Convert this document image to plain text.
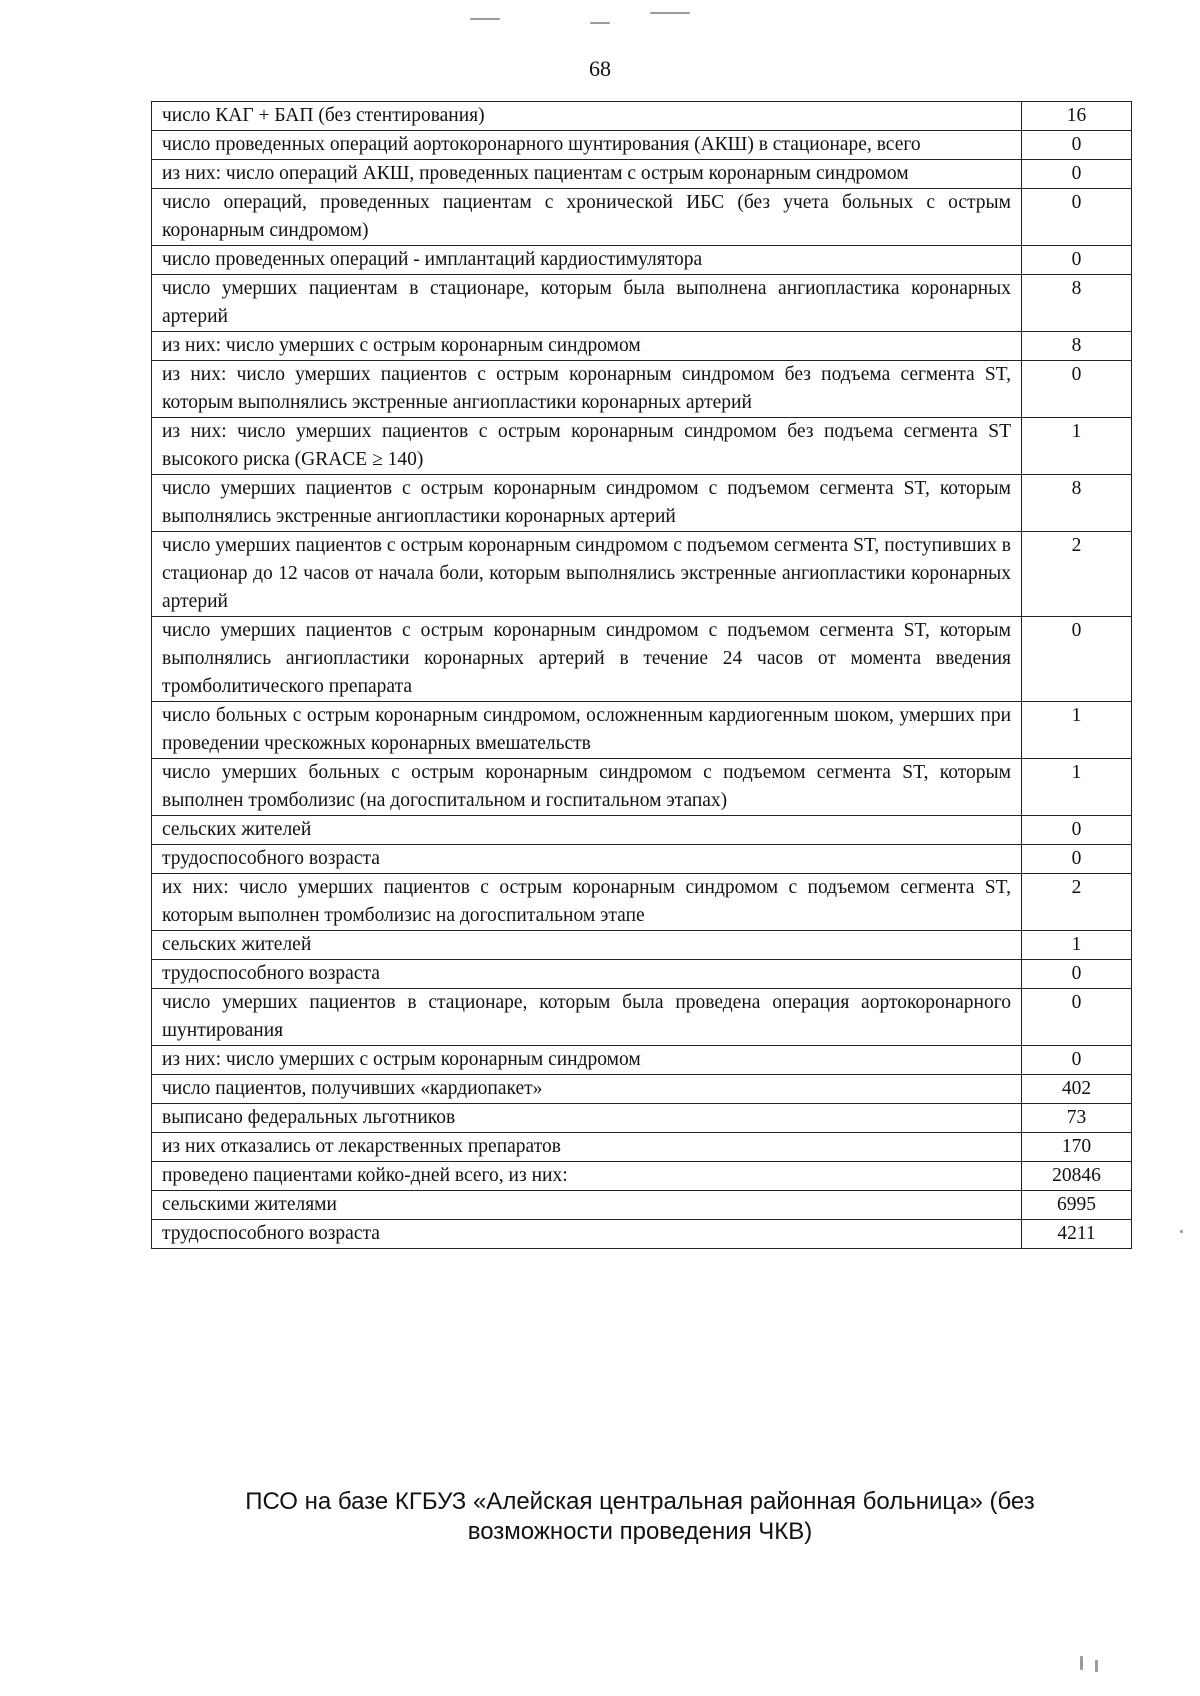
68
число КАГ + БАП (без стентирования)	16
число проведенных операций аортокоронарного шунтирования (АКШ) в стационаре, всего	0
из них: число операций АКШ, проведенных пациентам с острым коронарным синдромом	0
число операций, проведенных пациентам с хронической ИБС (без учета больных с острым коронарным синдромом)	0
число проведенных операций - имплантаций кардиостимулятора	0
число умерших пациентам в стационаре, которым была выполнена ангиопластика коронарных артерий	8
из них: число умерших с острым коронарным синдромом	8
из них: число умерших пациентов с острым коронарным синдромом без подъема сегмента ST, которым выполнялись экстренные ангиопластики коронарных артерий	0
из них: число умерших пациентов с острым коронарным синдромом без подъема сегмента ST высокого риска (GRACE ≥ 140)	1
число умерших пациентов с острым коронарным синдромом с подъемом сегмента ST, которым выполнялись экстренные ангиопластики коронарных артерий	8
число умерших пациентов с острым коронарным синдромом с подъемом сегмента ST, поступивших в стационар до 12 часов от начала боли, которым выполнялись экстренные ангиопластики коронарных артерий	2
число умерших пациентов с острым коронарным синдромом с подъемом сегмента ST, которым выполнялись ангиопластики коронарных артерий в течение 24 часов от момента введения тромболитического препарата	0
число больных с острым коронарным синдромом, осложненным кардиогенным шоком, умерших при проведении чрескожных коронарных вмешательств	1
число умерших больных с острым коронарным синдромом с подъемом сегмента ST, которым выполнен тромболизис (на догоспитальном и госпитальном этапах)	1
сельских жителей	0
трудоспособного возраста	0
их них: число умерших пациентов с острым коронарным синдромом с подъемом сегмента ST, которым выполнен тромболизис на догоспитальном этапе	2
сельских жителей	1
трудоспособного возраста	0
число умерших пациентов в стационаре, которым была проведена операция аортокоронарного шунтирования	0
из них: число умерших с острым коронарным синдромом	0
число пациентов, получивших «кардиопакет»	402
выписано федеральных льготников	73
из них отказались от лекарственных препаратов	170
проведено пациентами койко-дней всего, из них:	20846
сельскими жителями	6995
трудоспособного возраста	4211
ПСО на базе КГБУЗ «Алейская центральная районная больница» (без возможности проведения ЧКВ)
